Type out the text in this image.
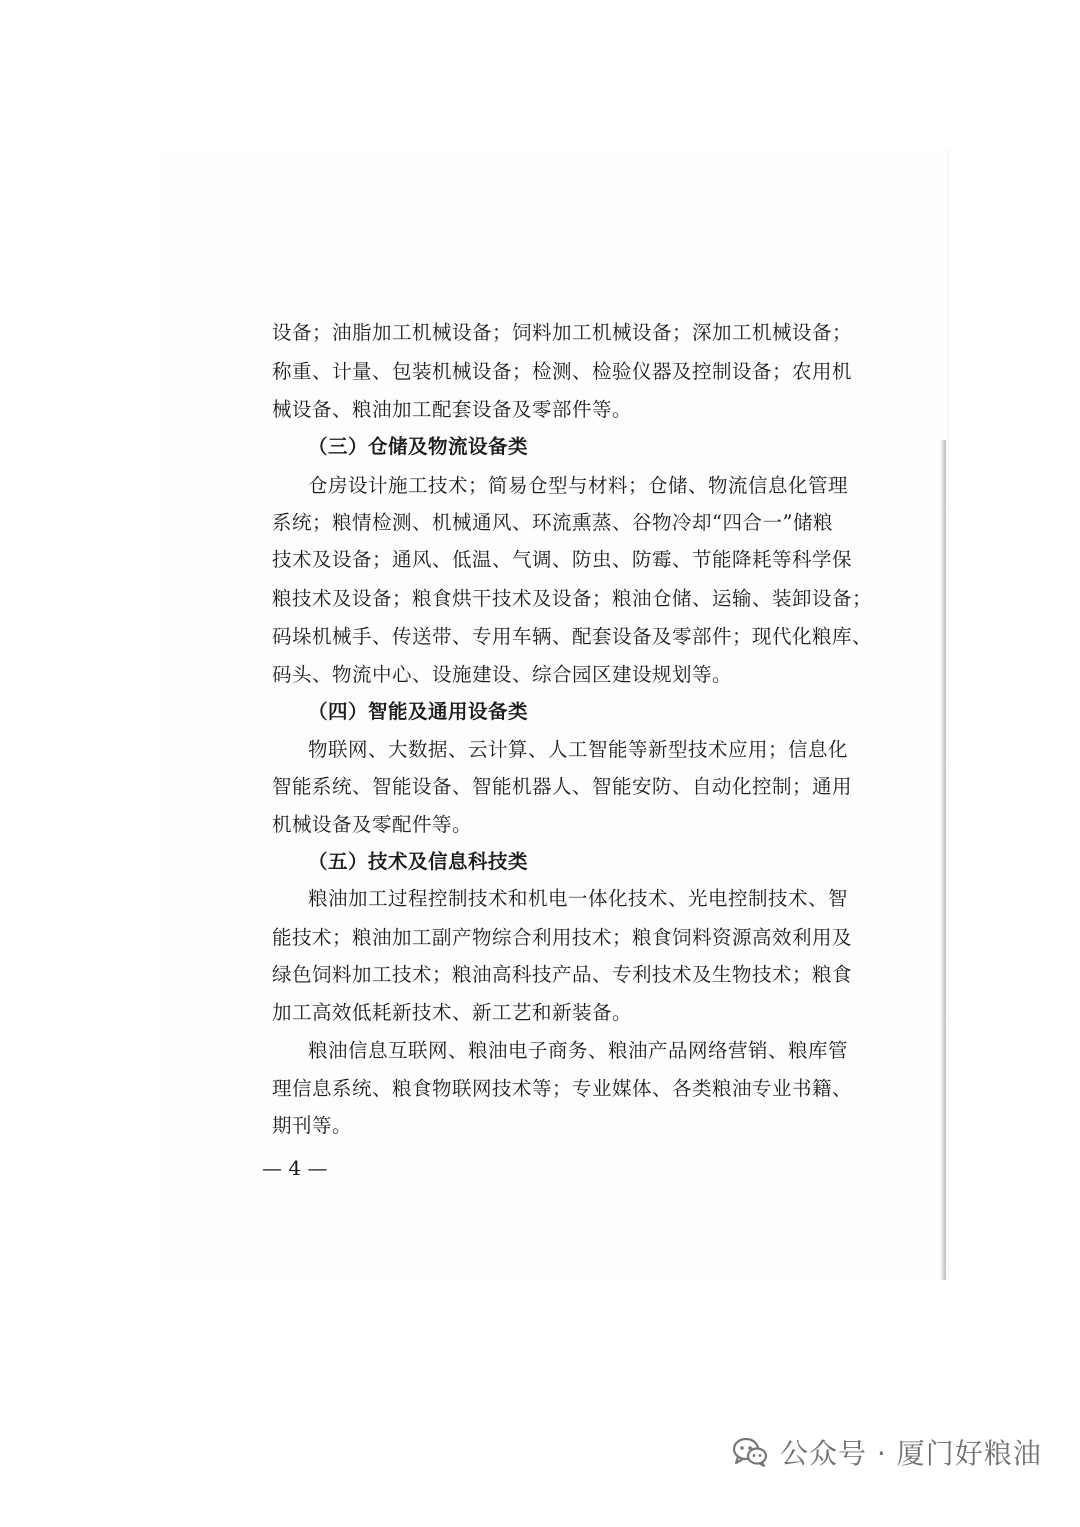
设备；油脂加工机械设备；饲料加工机械设备；深加工机械设备；
称重、计量、包装机械设备；检测、检验仪器及控制设备；农用机
械设备、粮油加工配套设备及零部件等。
（三）仓储及物流设备类
仓房设计施工技术；简易仓型与材料；仓储、物流信息化管理
系统；粮情检测、机械通风、环流熏蒸、谷物冷却“四合一”储粮
技术及设备；通风、低温、气调、防虫、防霉、节能降耗等科学保
粮技术及设备；粮食烘干技术及设备；粮油仓储、运输、装卸设备；
码垛机械手、传送带、专用车辆、配套设备及零部件；现代化粮库、
码头、物流中心、设施建设、综合园区建设规划等。
（四）智能及通用设备类
物联网、大数据、云计算、人工智能等新型技术应用；信息化
智能系统、智能设备、智能机器人、智能安防、自动化控制；通用
机械设备及零配件等。
（五）技术及信息科技类
粮油加工过程控制技术和机电一体化技术、光电控制技术、智
能技术；粮油加工副产物综合利用技术；粮食饲料资源高效利用及
绿色饲料加工技术；粮油高科技产品、专利技术及生物技术；粮食
加工高效低耗新技术、新工艺和新装备。
粮油信息互联网、粮油电子商务、粮油产品网络营销、粮库管
理信息系统、粮食物联网技术等；专业媒体、各类粮油专业书籍、
期刊等。
— 4 —
公众号 · 厦门好粮油
